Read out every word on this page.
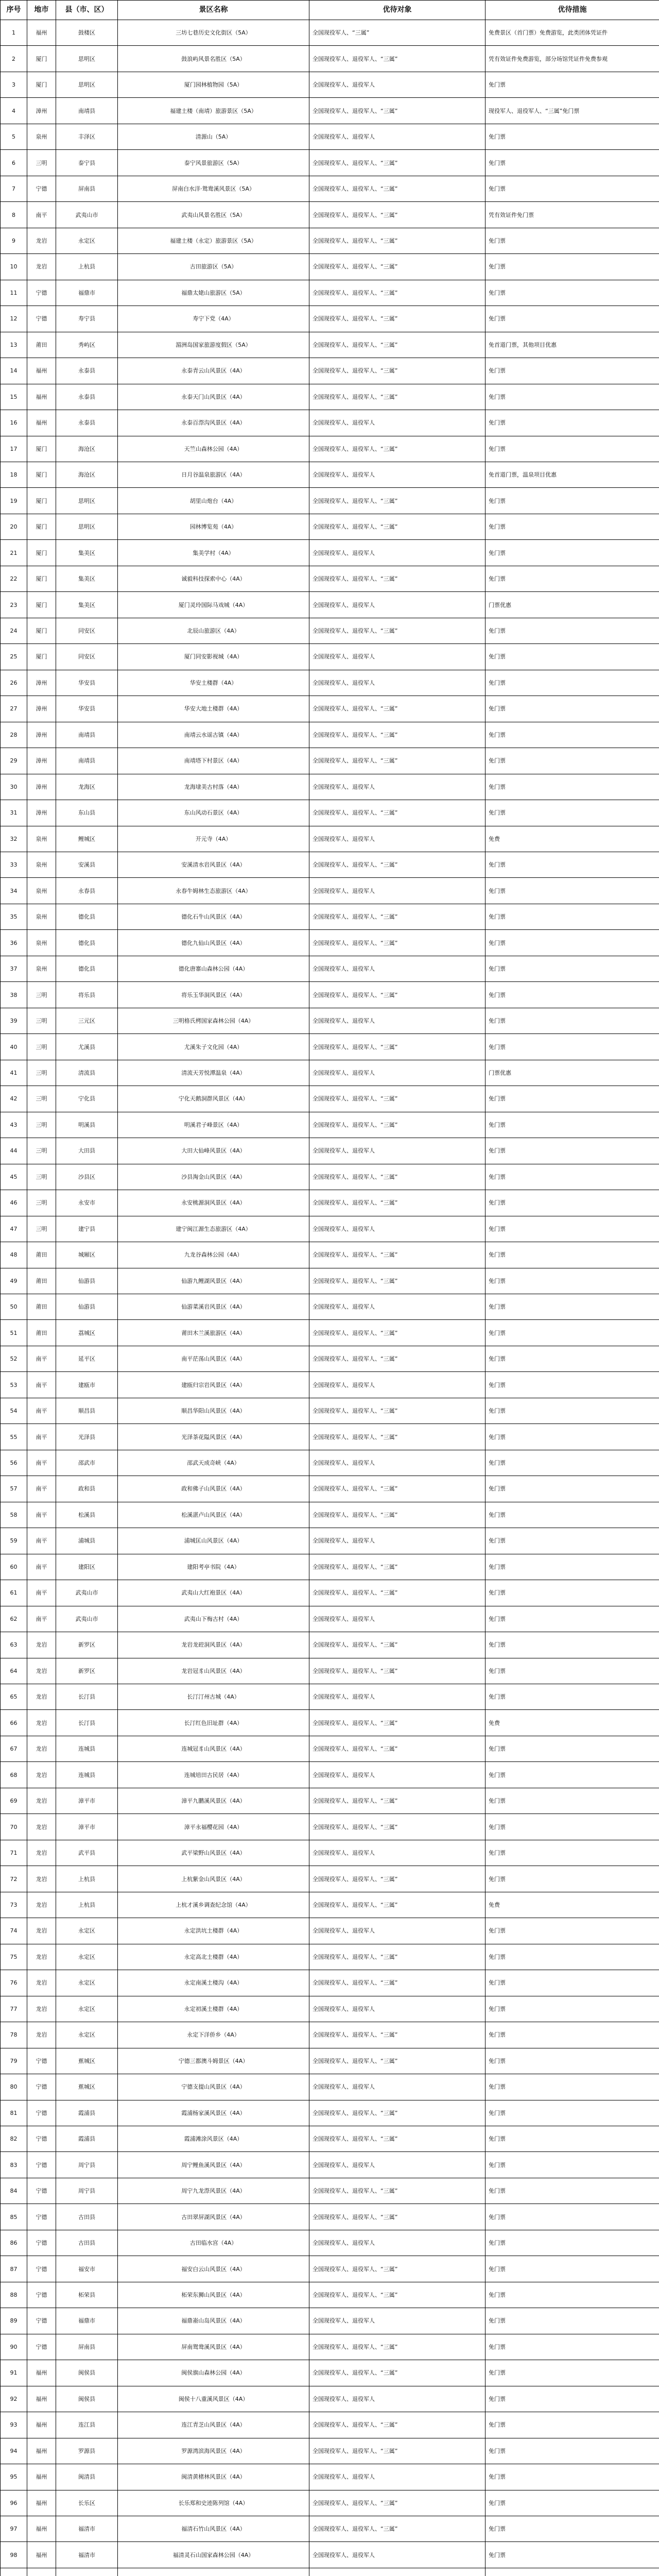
序号	地市	县（市、区）	景区名称	优待对象	优待措施
1	福州	鼓楼区	三坊七巷历史文化街区（5A）	全国现役军人、“三属”	免费景区（首门票）免费游览，此类团体凭证件
2	厦门	思明区	鼓浪屿风景名胜区（5A）	全国现役军人、退役军人、“三属”	凭有效证件免费游览，部分场馆凭证件免费参观
3	厦门	思明区	厦门园林植物园（5A）	全国现役军人、退役军人	免门票
4	漳州	南靖县	福建土楼（南靖）旅游景区（5A）	全国现役军人、退役军人、“三属”	现役军人、退役军人、“三属”免门票
5	泉州	丰泽区	清源山（5A）	全国现役军人、退役军人	免门票
6	三明	泰宁县	泰宁风景旅游区（5A）	全国现役军人、退役军人、“三属”	免门票
7	宁德	屏南县	屏南白水洋·鸳鸯溪风景区（5A）	全国现役军人、退役军人、“三属”	免门票
8	南平	武夷山市	武夷山风景名胜区（5A）	全国现役军人、退役军人、“三属”	凭有效证件免门票
9	龙岩	永定区	福建土楼（永定）旅游景区（5A）	全国现役军人、退役军人、“三属”	免门票
10	龙岩	上杭县	古田旅游区（5A）	全国现役军人、退役军人、“三属”	免门票
11	宁德	福鼎市	福鼎太姥山旅游区（5A）	全国现役军人、退役军人、“三属”	免门票
12	宁德	寿宁县	寿宁下党（4A）	全国现役军人、退役军人、“三属”	免门票
13	莆田	秀屿区	湄洲岛国家旅游度假区（5A）	全国现役军人、退役军人、“三属”	免首道门票，其他项目优惠
14	福州	永泰县	永泰青云山风景区（4A）	全国现役军人、退役军人、“三属”	免门票
15	福州	永泰县	永泰天门山风景区（4A）	全国现役军人、退役军人、“三属”	免门票
16	福州	永泰县	永泰百漈沟风景区（4A）	全国现役军人、退役军人	免门票
17	厦门	海沧区	天竺山森林公园（4A）	全国现役军人、退役军人、“三属”	免门票
18	厦门	海沧区	日月谷温泉旅游区（4A）	全国现役军人、退役军人	免首道门票，温泉项目优惠
19	厦门	思明区	胡里山炮台（4A）	全国现役军人、退役军人、“三属”	免门票
20	厦门	思明区	园林博览苑（4A）	全国现役军人、退役军人、“三属”	免门票
21	厦门	集美区	集美学村（4A）	全国现役军人、退役军人	免门票
22	厦门	集美区	诚毅科技探索中心（4A）	全国现役军人、退役军人、“三属”	免门票
23	厦门	集美区	厦门灵玲国际马戏城（4A）	全国现役军人、退役军人	门票优惠
24	厦门	同安区	北辰山旅游区（4A）	全国现役军人、退役军人、“三属”	免门票
25	厦门	同安区	厦门同安影视城（4A）	全国现役军人、退役军人	免门票
26	漳州	华安县	华安土楼群（4A）	全国现役军人、退役军人	免门票
27	漳州	华安县	华安大地土楼群（4A）	全国现役军人、退役军人、“三属”	免门票
28	漳州	南靖县	南靖云水谣古镇（4A）	全国现役军人、退役军人、“三属”	免门票
29	漳州	南靖县	南靖塔下村景区（4A）	全国现役军人、退役军人、“三属”	免门票
30	漳州	龙海区	龙海埭美古村落（4A）	全国现役军人、退役军人	免门票
31	漳州	东山县	东山风动石景区（4A）	全国现役军人、退役军人、“三属”	免门票
32	泉州	鲤城区	开元寺（4A）	全国现役军人、退役军人	免费
33	泉州	安溪县	安溪清水岩风景区（4A）	全国现役军人、退役军人、“三属”	免门票
34	泉州	永春县	永春牛姆林生态旅游区（4A）	全国现役军人、退役军人	免门票
35	泉州	德化县	德化石牛山风景区（4A）	全国现役军人、退役军人、“三属”	免门票
36	泉州	德化县	德化九仙山风景区（4A）	全国现役军人、退役军人、“三属”	免门票
37	泉州	德化县	德化唐寨山森林公园（4A）	全国现役军人、退役军人	免门票
38	三明	将乐县	将乐玉华洞风景区（4A）	全国现役军人、退役军人、“三属”	免门票
39	三明	三元区	三明格氏栲国家森林公园（4A）	全国现役军人、退役军人	免门票
40	三明	尤溪县	尤溪朱子文化园（4A）	全国现役军人、退役军人、“三属”	免门票
41	三明	清流县	清流天芳悦潭温泉（4A）	全国现役军人、退役军人	门票优惠
42	三明	宁化县	宁化天鹅洞群风景区（4A）	全国现役军人、退役军人、“三属”	免门票
43	三明	明溪县	明溪君子峰景区（4A）	全国现役军人、退役军人、“三属”	免门票
44	三明	大田县	大田大仙峰风景区（4A）	全国现役军人、退役军人	免门票
45	三明	沙县区	沙县淘金山风景区（4A）	全国现役军人、退役军人、“三属”	免门票
46	三明	永安市	永安桃源洞风景区（4A）	全国现役军人、退役军人、“三属”	免门票
47	三明	建宁县	建宁闽江源生态旅游区（4A）	全国现役军人、退役军人	免门票
48	莆田	城厢区	九龙谷森林公园（4A）	全国现役军人、退役军人、“三属”	免门票
49	莆田	仙游县	仙游九鲤湖风景区（4A）	全国现役军人、退役军人、“三属”	免门票
50	莆田	仙游县	仙游菜溪岩风景区（4A）	全国现役军人、退役军人	免门票
51	莆田	荔城区	莆田木兰溪旅游区（4A）	全国现役军人、退役军人、“三属”	免门票
52	南平	延平区	南平茫荡山风景区（4A）	全国现役军人、退役军人、“三属”	免门票
53	南平	建瓯市	建瓯归宗岩风景区（4A）	全国现役军人、退役军人	免门票
54	南平	顺昌县	顺昌华阳山风景区（4A）	全国现役军人、退役军人、“三属”	免门票
55	南平	光泽县	光泽茶花隘风景区（4A）	全国现役军人、退役军人、“三属”	免门票
56	南平	邵武市	邵武天成奇峡（4A）	全国现役军人、退役军人	免门票
57	南平	政和县	政和佛子山风景区（4A）	全国现役军人、退役军人、“三属”	免门票
58	南平	松溪县	松溪湛卢山风景区（4A）	全国现役军人、退役军人、“三属”	免门票
59	南平	浦城县	浦城匡山风景区（4A）	全国现役军人、退役军人	免门票
60	南平	建阳区	建阳考亭书院（4A）	全国现役军人、退役军人、“三属”	免门票
61	南平	武夷山市	武夷山大红袍景区（4A）	全国现役军人、退役军人、“三属”	免门票
62	南平	武夷山市	武夷山下梅古村（4A）	全国现役军人、退役军人	免门票
63	龙岩	新罗区	龙岩龙硿洞风景区（4A）	全国现役军人、退役军人、“三属”	免门票
64	龙岩	新罗区	龙岩冠豸山风景区（4A）	全国现役军人、退役军人、“三属”	免门票
65	龙岩	长汀县	长汀汀州古城（4A）	全国现役军人、退役军人	免门票
66	龙岩	长汀县	长汀红色旧址群（4A）	全国现役军人、退役军人、“三属”	免费
67	龙岩	连城县	连城冠豸山风景区（4A）	全国现役军人、退役军人、“三属”	免门票
68	龙岩	连城县	连城培田古民居（4A）	全国现役军人、退役军人	免门票
69	龙岩	漳平市	漳平九鹏溪风景区（4A）	全国现役军人、退役军人、“三属”	免门票
70	龙岩	漳平市	漳平永福樱花园（4A）	全国现役军人、退役军人、“三属”	免门票
71	龙岩	武平县	武平梁野山风景区（4A）	全国现役军人、退役军人	免门票
72	龙岩	上杭县	上杭紫金山风景区（4A）	全国现役军人、退役军人、“三属”	免门票
73	龙岩	上杭县	上杭才溪乡调查纪念馆（4A）	全国现役军人、退役军人、“三属”	免费
74	龙岩	永定区	永定洪坑土楼群（4A）	全国现役军人、退役军人	免门票
75	龙岩	永定区	永定高北土楼群（4A）	全国现役军人、退役军人、“三属”	免门票
76	龙岩	永定区	永定南溪土楼沟（4A）	全国现役军人、退役军人、“三属”	免门票
77	龙岩	永定区	永定初溪土楼群（4A）	全国现役军人、退役军人	免门票
78	龙岩	永定区	永定下洋侨乡（4A）	全国现役军人、退役军人、“三属”	免门票
79	宁德	蕉城区	宁德三都澳斗姆景区（4A）	全国现役军人、退役军人、“三属”	免门票
80	宁德	蕉城区	宁德支提山风景区（4A）	全国现役军人、退役军人	免门票
81	宁德	霞浦县	霞浦杨家溪风景区（4A）	全国现役军人、退役军人、“三属”	免门票
82	宁德	霞浦县	霞浦滩涂风景区（4A）	全国现役军人、退役军人、“三属”	免门票
83	宁德	周宁县	周宁鲤鱼溪风景区（4A）	全国现役军人、退役军人	免门票
84	宁德	周宁县	周宁九龙漈风景区（4A）	全国现役军人、退役军人、“三属”	免门票
85	宁德	古田县	古田翠屏湖风景区（4A）	全国现役军人、退役军人、“三属”	免门票
86	宁德	古田县	古田临水宫（4A）	全国现役军人、退役军人	免门票
87	宁德	福安市	福安白云山风景区（4A）	全国现役军人、退役军人、“三属”	免门票
88	宁德	柘荣县	柘荣东狮山风景区（4A）	全国现役军人、退役军人、“三属”	免门票
89	宁德	福鼎市	福鼎嵛山岛风景区（4A）	全国现役军人、退役军人	免门票
90	宁德	屏南县	屏南鸳鸯溪风景区（4A）	全国现役军人、退役军人、“三属”	免门票
91	福州	闽侯县	闽侯旗山森林公园（4A）	全国现役军人、退役军人、“三属”	免门票
92	福州	闽侯县	闽侯十八重溪风景区（4A）	全国现役军人、退役军人	免门票
93	福州	连江县	连江青芝山风景区（4A）	全国现役军人、退役军人、“三属”	免门票
94	福州	罗源县	罗源湾滨海风景区（4A）	全国现役军人、退役军人、“三属”	免门票
95	福州	闽清县	闽清黄楮林风景区（4A）	全国现役军人、退役军人	免门票
96	福州	长乐区	长乐郑和史迹陈列馆（4A）	全国现役军人、退役军人、“三属”	免门票
97	福州	福清市	福清石竹山风景区（4A）	全国现役军人、退役军人、“三属”	免门票
98	福州	福清市	福清灵石山国家森林公园（4A）	全国现役军人、退役军人	免门票
